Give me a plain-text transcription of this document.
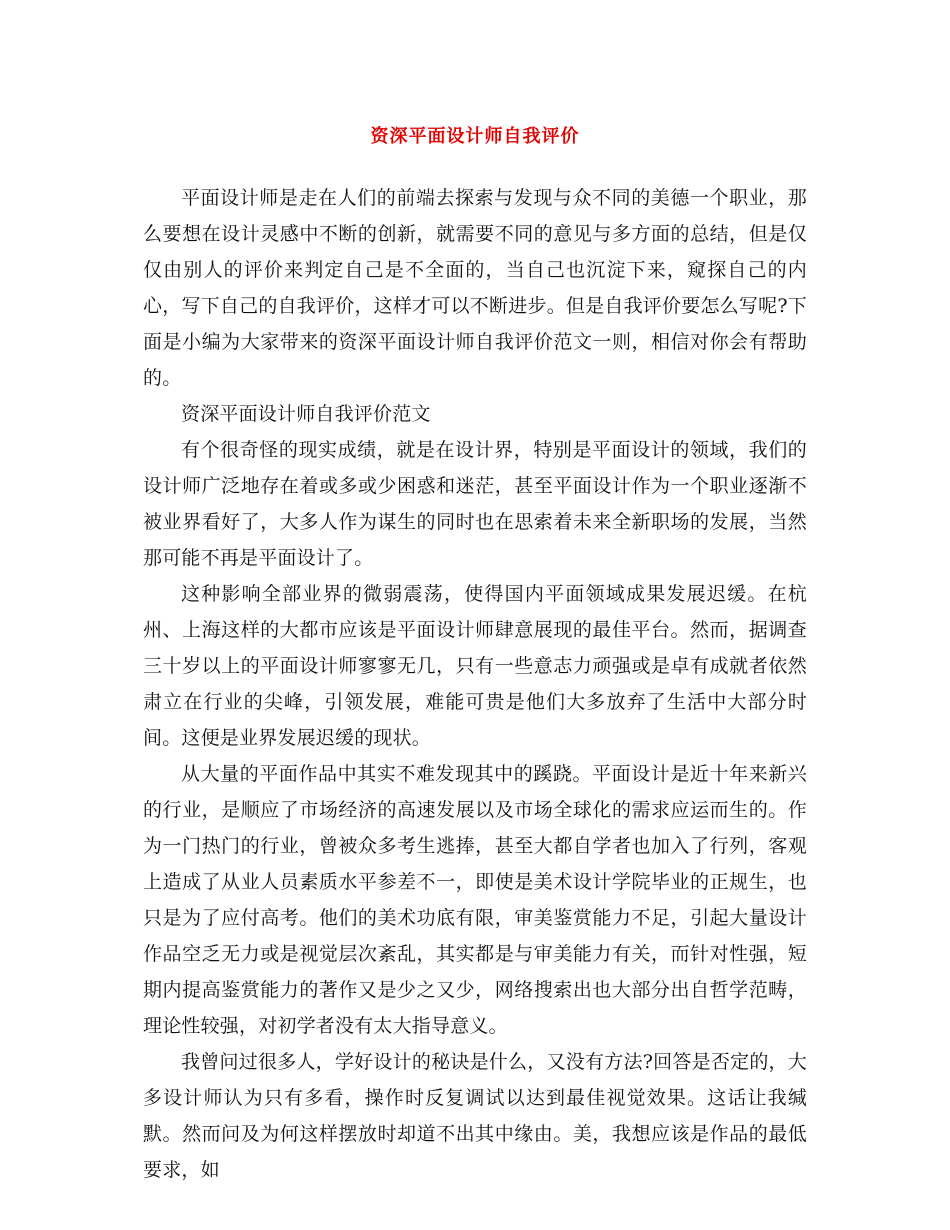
资深平面设计师自我评价

平面设计师是走在人们的前端去探索与发现与众不同的美德一个职业，那么要想在设计灵感中不断的创新，就需要不同的意见与多方面的总结，但是仅仅由别人的评价来判定自己是不全面的，当自己也沉淀下来，窥探自己的内心，写下自己的自我评价，这样才可以不断进步。但是自我评价要怎么写呢?下面是小编为大家带来的资深平面设计师自我评价范文一则，相信对你会有帮助的。

资深平面设计师自我评价范文

有个很奇怪的现实成绩，就是在设计界，特别是平面设计的领域，我们的设计师广泛地存在着或多或少困惑和迷茫，甚至平面设计作为一个职业逐渐不被业界看好了，大多人作为谋生的同时也在思索着未来全新职场的发展，当然那可能不再是平面设计了。

这种影响全部业界的微弱震荡，使得国内平面领域成果发展迟缓。在杭州、上海这样的大都市应该是平面设计师肆意展现的最佳平台。然而，据调查三十岁以上的平面设计师寥寥无几，只有一些意志力顽强或是卓有成就者依然肃立在行业的尖峰，引领发展，难能可贵是他们大多放弃了生活中大部分时间。这便是业界发展迟缓的现状。

从大量的平面作品中其实不难发现其中的蹊跷。平面设计是近十年来新兴的行业，是顺应了市场经济的高速发展以及市场全球化的需求应运而生的。作为一门热门的行业，曾被众多考生逃捧，甚至大都自学者也加入了行列，客观上造成了从业人员素质水平参差不一，即使是美术设计学院毕业的正规生，也只是为了应付高考。他们的美术功底有限，审美鉴赏能力不足，引起大量设计作品空乏无力或是视觉层次紊乱，其实都是与审美能力有关，而针对性强，短期内提高鉴赏能力的著作又是少之又少，网络搜索出也大部分出自哲学范畴，理论性较强，对初学者没有太大指导意义。

我曾问过很多人，学好设计的秘诀是什么，又没有方法?回答是否定的，大多设计师认为只有多看，操作时反复调试以达到最佳视觉效果。这话让我缄默。然而问及为何这样摆放时却道不出其中缘由。美，我想应该是作品的最低要求，如
